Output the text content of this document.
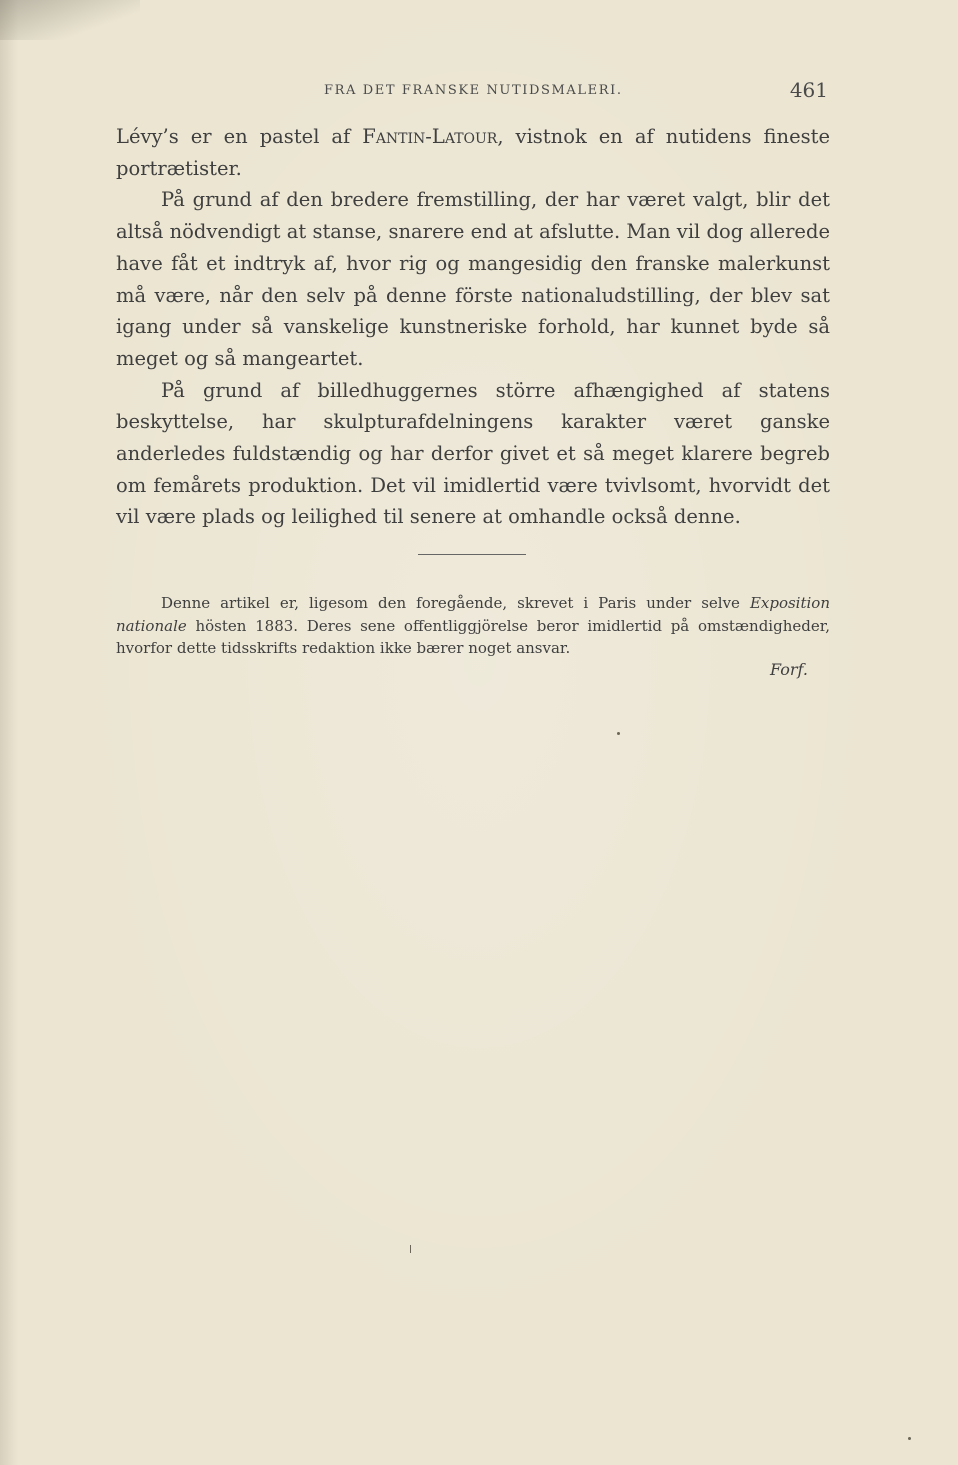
FRA DET FRANSKE NUTIDSMALERI.	461

Lévy’s er en pastel af Fantin-Latour, vistnok en af nutidens fineste portrætister.

På grund af den bredere fremstilling, der har været valgt, blir det altså nödvendigt at stanse, snarere end at afslutte. Man vil dog allerede have fåt et indtryk af, hvor rig og mangesidig den franske malerkunst må være, når den selv på denne förste nationaludstilling, der blev sat igang under så vanskelige kunstneriske forhold, har kunnet byde så meget og så mangeartet.

På grund af billedhuggernes större afhængighed af statens beskyttelse, har skulpturafdelningens karakter været ganske anderledes fuldstændig og har derfor givet et så meget klarere begreb om femårets produktion. Det vil imidlertid være tvivlsomt, hvorvidt det vil være plads og leilighed til senere at omhandle också denne.

Denne artikel er, ligesom den foregående, skrevet i Paris under selve Exposition nationale hösten 1883. Deres sene offentliggjörelse beror imidlertid på omstændigheder, hvorfor dette tidsskrifts redaktion ikke bærer noget ansvar.
Forf.
